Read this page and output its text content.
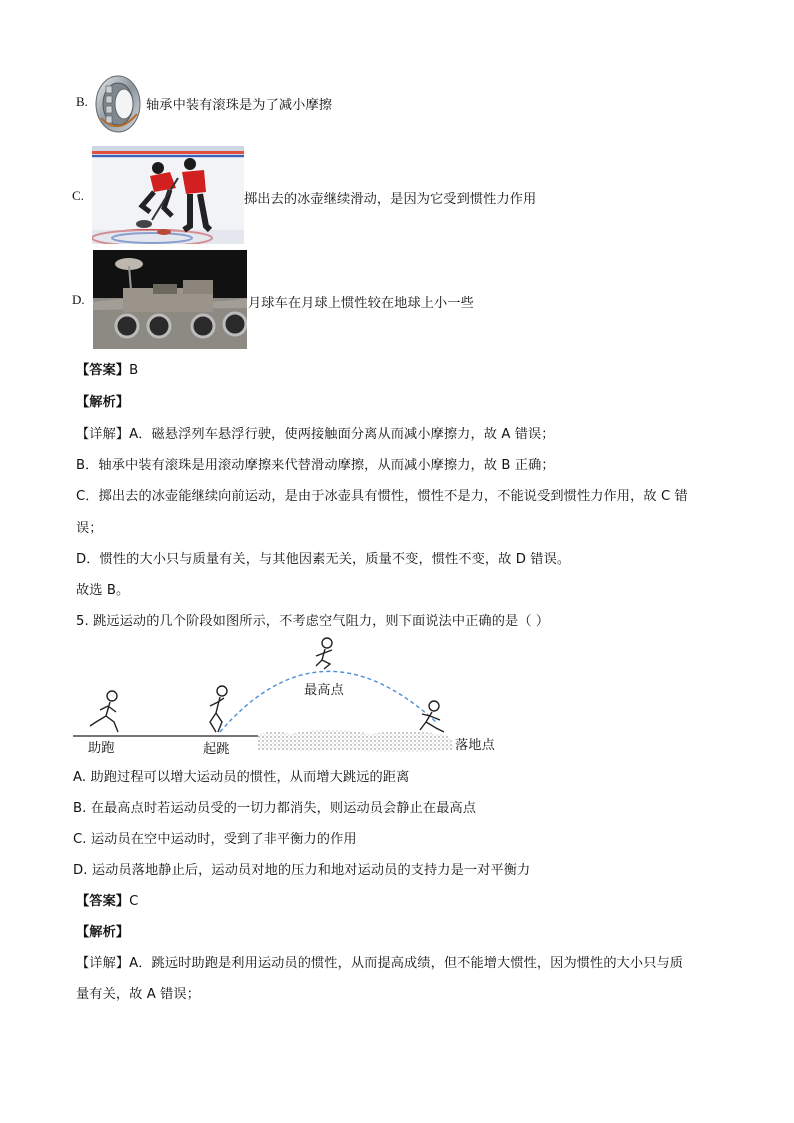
B.	轴承中装有滚珠是为了减小摩擦
C.	掷出去的冰壶继续滑动，是因为它受到惯性力作用
D.	月球车在月球上惯性较在地球上小一些
【答案】B
【解析】
【详解】A．磁悬浮列车悬浮行驶，使两接触面分离从而减小摩擦力，故 A 错误；
B．轴承中装有滚珠是用滚动摩擦来代替滑动摩擦，从而减小摩擦力，故 B 正确；
C．掷出去的冰壶能继续向前运动，是由于冰壶具有惯性，惯性不是力，不能说受到惯性力作用，故 C 错
误；
D．惯性的大小只与质量有关，与其他因素无关，质量不变，惯性不变，故 D 错误。
故选 B。
5. 跳远运动的几个阶段如图所示，不考虑空气阻力，则下面说法中正确的是（ ）
助跑	起跳
最高点
落地点
A. 助跑过程可以增大运动员的惯性，从而增大跳远的距离
B. 在最高点时若运动员受的一切力都消失，则运动员会静止在最高点
C. 运动员在空中运动时，受到了非平衡力的作用
D. 运动员落地静止后，运动员对地的压力和地对运动员的支持力是一对平衡力
【答案】C
【解析】
【详解】A．跳远时助跑是利用运动员的惯性，从而提高成绩，但不能增大惯性，因为惯性的大小只与质
量有关，故 A 错误；
